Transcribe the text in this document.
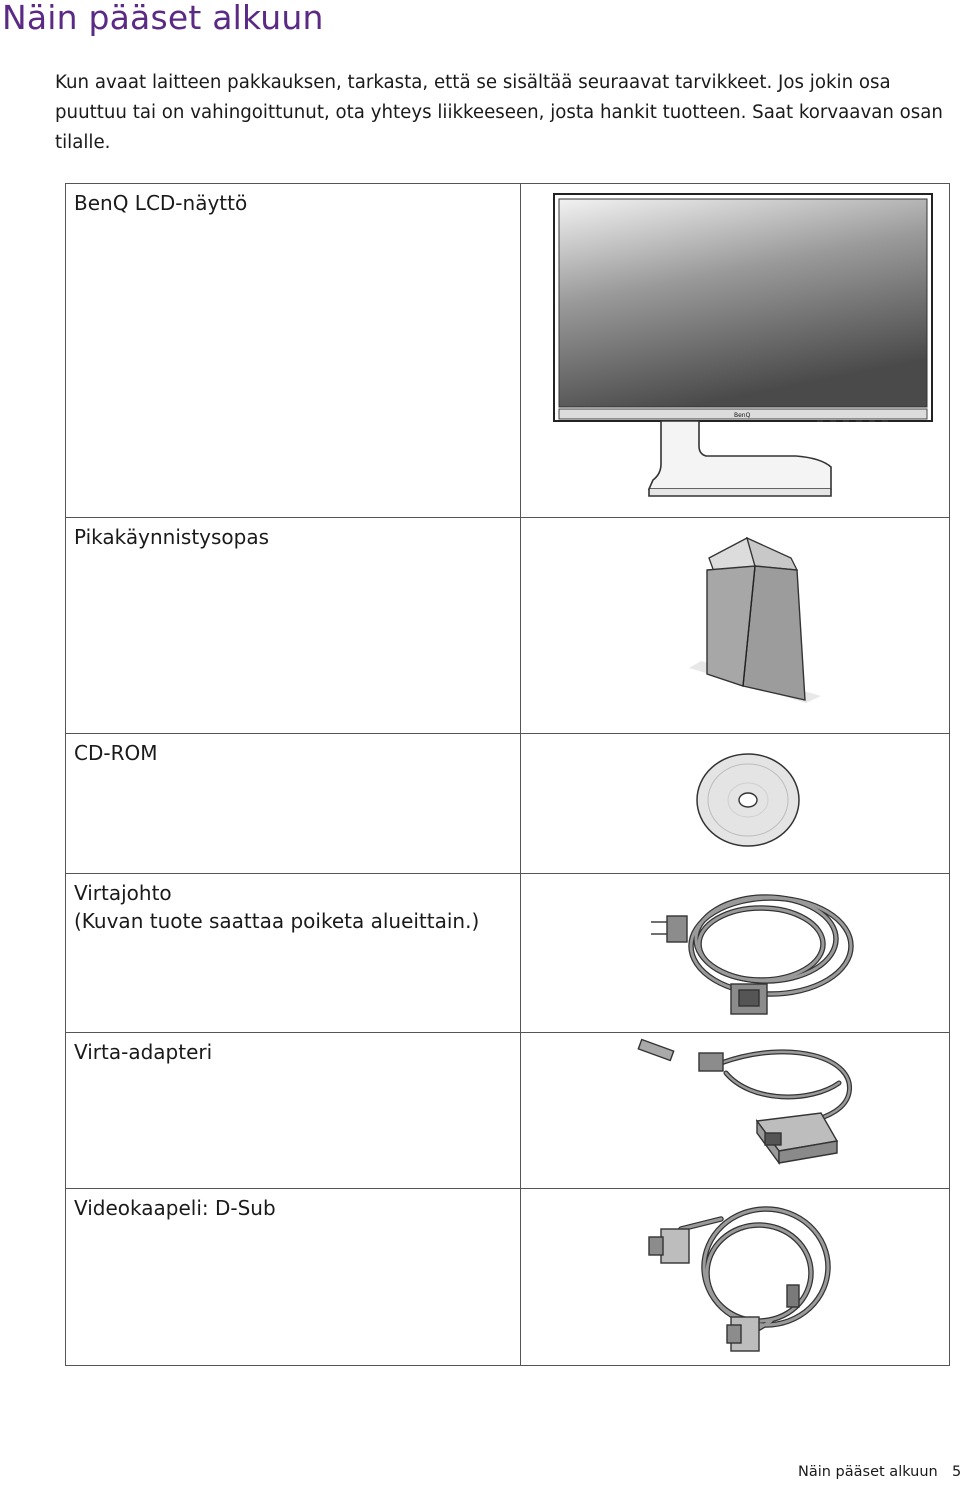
Näin pääset alkuun
Kun avaat laitteen pakkauksen, tarkasta, että se sisältää seuraavat tarvikkeet. Jos jokin osa
puuttuu tai on vahingoittunut, ota yhteys liikkeeseen, josta hankit tuotteen. Saat korvaavan osan
tilalle.
BenQ LCD-näyttö	BenQ

Pikakäynnistysopas	

CD-ROM	

Virtajohto
(Kuvan tuote saattaa poiketa alueittain.)

Virta-adapteri	

Videokaapeli: D-Sub	
Näin pääset alkuun 5
